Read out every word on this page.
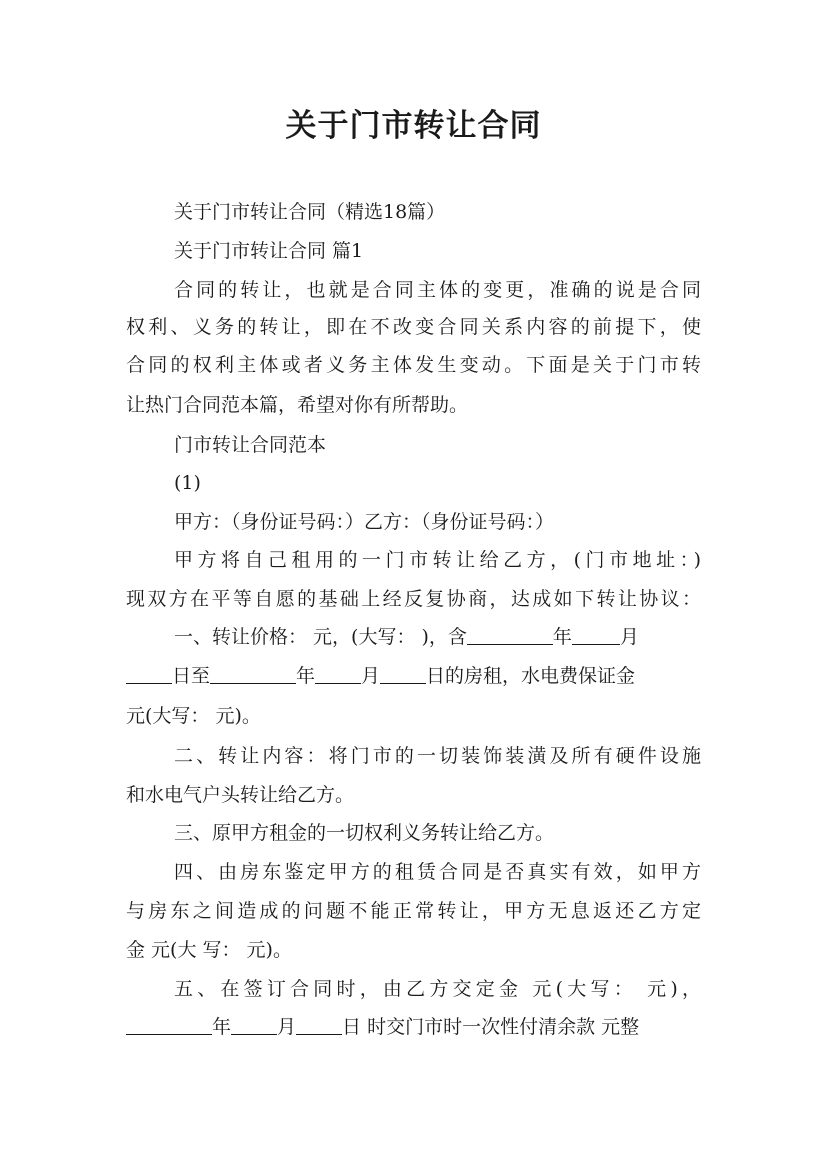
关于门市转让合同
关于门市转让合同（精选18篇）
关于门市转让合同 篇1
合同的转让，也就是合同主体的变更，准确的说是合同
权利、义务的转让，即在不改变合同关系内容的前提下，使
合同的权利主体或者义务主体发生变动。下面是关于门市转
让热门合同范本篇，希望对你有所帮助。
门市转让合同范本
(1)
甲方：（身份证号码：）乙方：（身份证号码：）
甲方将自己租用的一门市转让给乙方，(门市地址：)
现双方在平等自愿的基础上经反复协商，达成如下转让协议：
一、转让价格： 元，(大写： )，含	年	月
日至	年 月 日的房租，水电费保证金
元(大写： 元)。
二、转让内容：将门市的一切装饰装潢及所有硬件设施
和水电气户头转让给乙方。
三、原甲方租金的一切权利义务转让给乙方。
四、由房东鉴定甲方的租赁合同是否真实有效，如甲方
与房东之间造成的问题不能正常转让，甲方无息返还乙方定
金 元(大 写： 元)。
五、在签订合同时，由乙方交定金 元(大写： 元)，
年 月 日 时交门市时一次性付清余款 元整
